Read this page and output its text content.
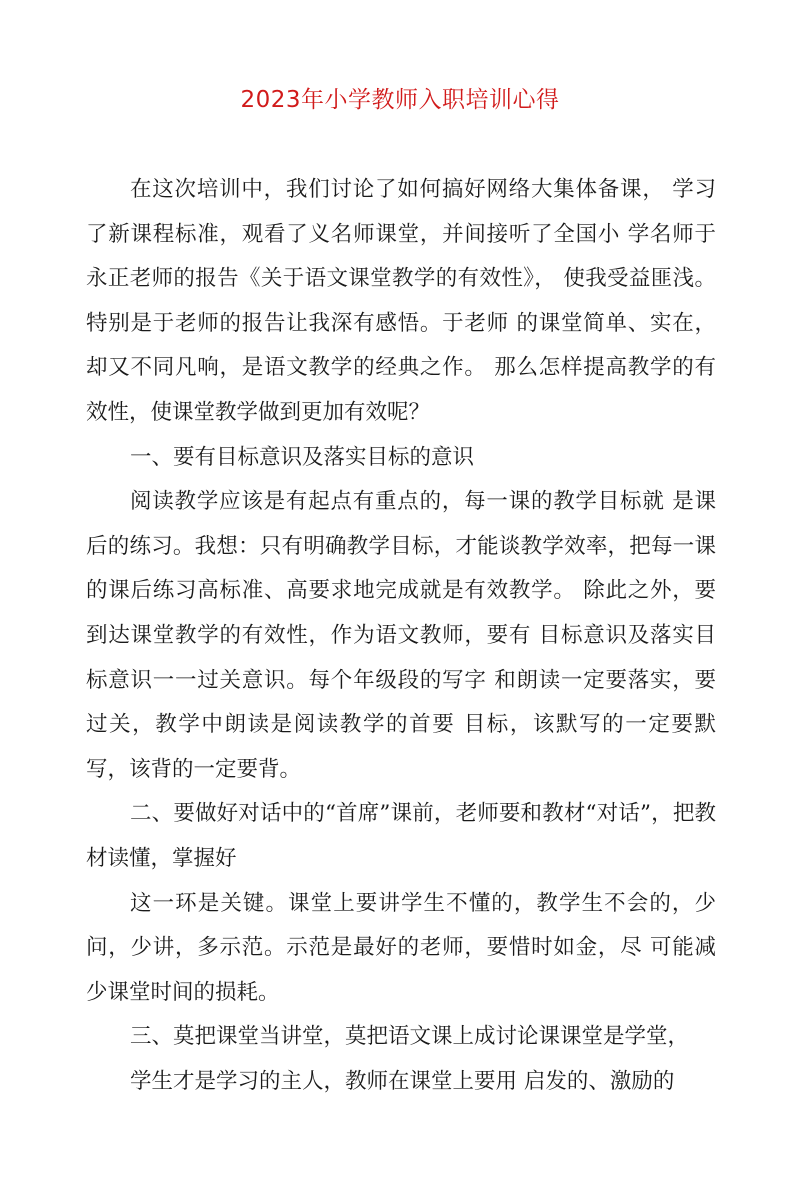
2023年小学教师入职培训心得

在这次培训中，我们讨论了如何搞好网络大集体备课， 学习了新课程标准，观看了义名师课堂，并间接听了全国小 学名师于永正老师的报告《关于语文课堂教学的有效性》， 使我受益匪浅。特别是于老师的报告让我深有感悟。于老师 的课堂简单、实在，却又不同凡响，是语文教学的经典之作。 那么怎样提高教学的有效性，使课堂教学做到更加有效呢？

一、要有目标意识及落实目标的意识

阅读教学应该是有起点有重点的，每一课的教学目标就 是课后的练习。我想：只有明确教学目标，才能谈教学效率，把每一课的课后练习高标准、高要求地完成就是有效教学。 除此之外，要到达课堂教学的有效性，作为语文教师，要有 目标意识及落实目标意识一一过关意识。每个年级段的写字 和朗读一定要落实，要过关，教学中朗读是阅读教学的首要 目标，该默写的一定要默写，该背的一定要背。

二、要做好对话中的“首席”课前，老师要和教材“对话”，把教材读懂，掌握好

这一环是关键。课堂上要讲学生不懂的，教学生不会的，少问，少讲，多示范。示范是最好的老师，要惜时如金，尽 可能减少课堂时间的损耗。

三、莫把课堂当讲堂，莫把语文课上成讨论课课堂是学堂，

学生才是学习的主人，教师在课堂上要用 启发的、激励的
